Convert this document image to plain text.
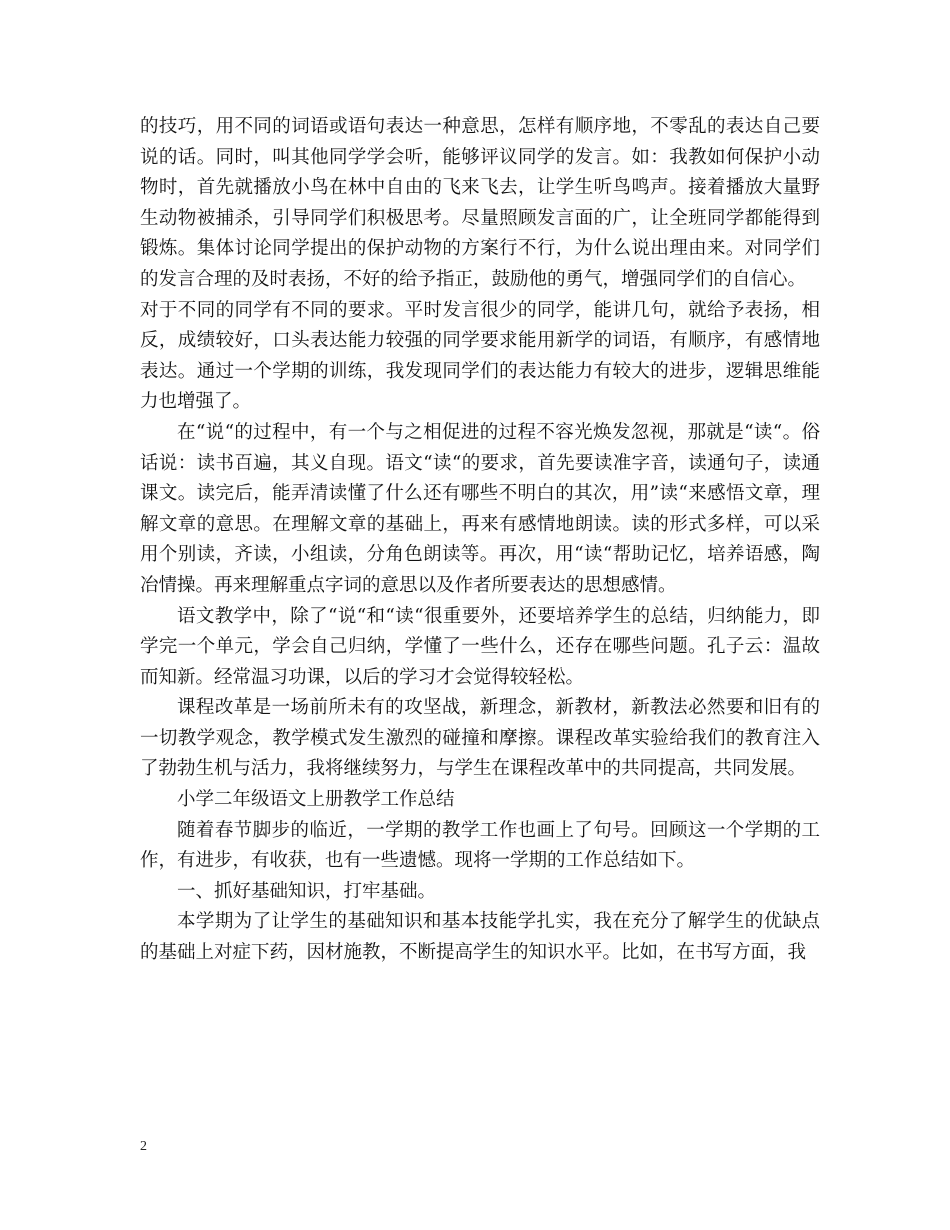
的技巧，用不同的词语或语句表达一种意思，怎样有顺序地，不零乱的表达自己要说的话。同时，叫其他同学学会听，能够评议同学的发言。如：我教如何保护小动物时，首先就播放小鸟在林中自由的飞来飞去，让学生听鸟鸣声。接着播放大量野生动物被捕杀，引导同学们积极思考。尽量照顾发言面的广，让全班同学都能得到锻炼。集体讨论同学提出的保护动物的方案行不行，为什么说出理由来。对同学们的发言合理的及时表扬，不好的给予指正，鼓励他的勇气，增强同学们的自信心。

对于不同的同学有不同的要求。平时发言很少的同学，能讲几句，就给予表扬，相反，成绩较好，口头表达能力较强的同学要求能用新学的词语，有顺序，有感情地表达。通过一个学期的训练，我发现同学们的表达能力有较大的进步，逻辑思维能力也增强了。

在“说“的过程中，有一个与之相促进的过程不容光焕发忽视，那就是“读“。俗话说：读书百遍，其义自现。语文“读“的要求，首先要读准字音，读通句子，读通课文。读完后，能弄清读懂了什么还有哪些不明白的其次，用”读“来感悟文章，理解文章的意思。在理解文章的基础上，再来有感情地朗读。读的形式多样，可以采用个别读，齐读，小组读，分角色朗读等。再次，用“读“帮助记忆，培养语感，陶冶情操。再来理解重点字词的意思以及作者所要表达的思想感情。

语文教学中，除了“说“和“读“很重要外，还要培养学生的总结，归纳能力，即学完一个单元，学会自己归纳，学懂了一些什么，还存在哪些问题。孔子云：温故而知新。经常温习功课，以后的学习才会觉得较轻松。

课程改革是一场前所未有的攻坚战，新理念，新教材，新教法必然要和旧有的一切教学观念，教学模式发生激烈的碰撞和摩擦。课程改革实验给我们的教育注入了勃勃生机与活力，我将继续努力，与学生在课程改革中的共同提高，共同发展。

小学二年级语文上册教学工作总结

随着春节脚步的临近，一学期的教学工作也画上了句号。回顾这一个学期的工作，有进步，有收获，也有一些遗憾。现将一学期的工作总结如下。

一、抓好基础知识，打牢基础。

本学期为了让学生的基础知识和基本技能学扎实，我在充分了解学生的优缺点的基础上对症下药，因材施教，不断提高学生的知识水平。比如，在书写方面，我

2
